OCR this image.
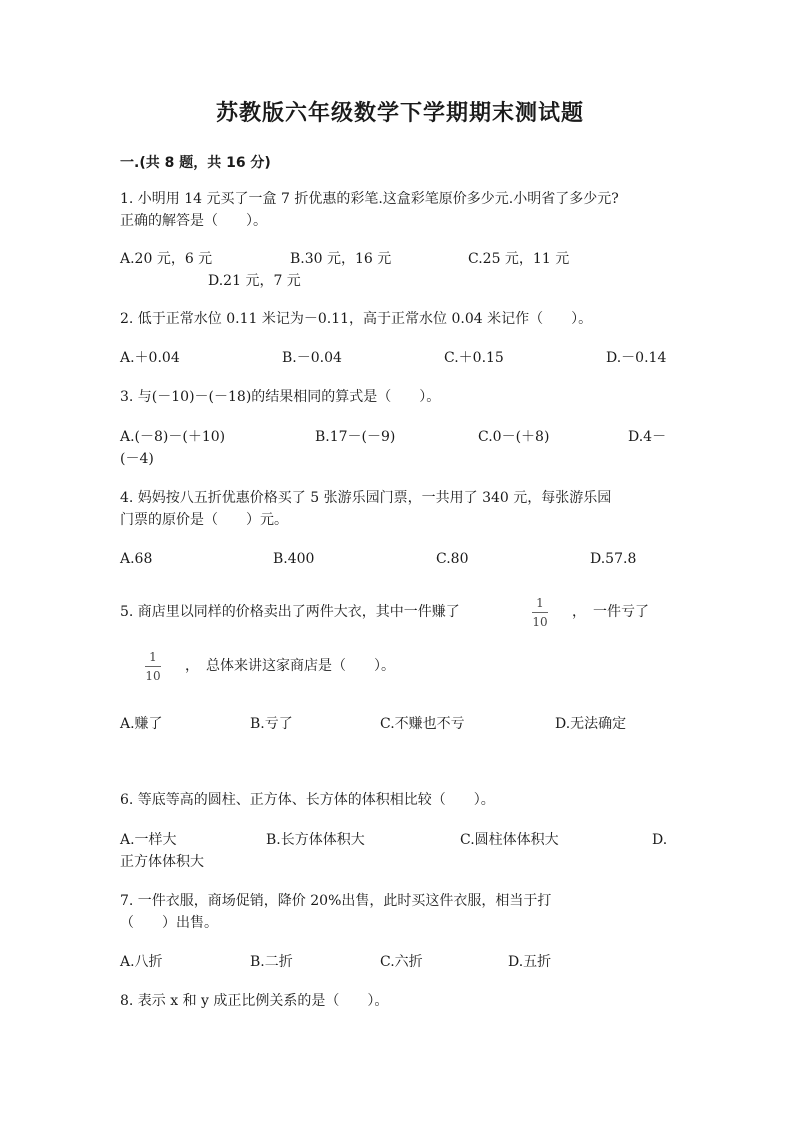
苏教版六年级数学下学期期末测试题
一.(共 8 题，共 16 分)
1. 小明用 14 元买了一盒 7 折优惠的彩笔.这盒彩笔原价多少元.小明省了多少元?
正确的解答是（　　）。
A.20 元，6 元	B.30 元，16 元	C.25 元，11 元
D.21 元，7 元
2. 低于正常水位 0.11 米记为－0.11，高于正常水位 0.04 米记作（　　）。
A.＋0.04	B.－0.04	C.＋0.15	D.－0.14
3. 与(－10)－(－18)的结果相同的算式是（　　）。
A.(－8)－(＋10)	B.17－(－9)	C.0－(＋8)	D.4－
(－4)
4. 妈妈按八五折优惠价格买了 5 张游乐园门票，一共用了 340 元，每张游乐园
门票的原价是（　　）元。
A.68	B.400	C.80	D.57.8
5. 商店里以同样的价格卖出了两件大衣，其中一件赚了
1
10
，　一件亏了
1
10
，　总体来讲这家商店是（　　）。
A.赚了	B.亏了	C.不赚也不亏	D.无法确定
6. 等底等高的圆柱、正方体、长方体的体积相比较（　　）。
A.一样大	B.长方体体积大	C.圆柱体体积大	D.
正方体体积大
7. 一件衣服，商场促销，降价 20%出售，此时买这件衣服，相当于打
（　　）出售。
A.八折	B.二折	C.六折	D.五折
8. 表示 x 和 y 成正比例关系的是（　　）。
